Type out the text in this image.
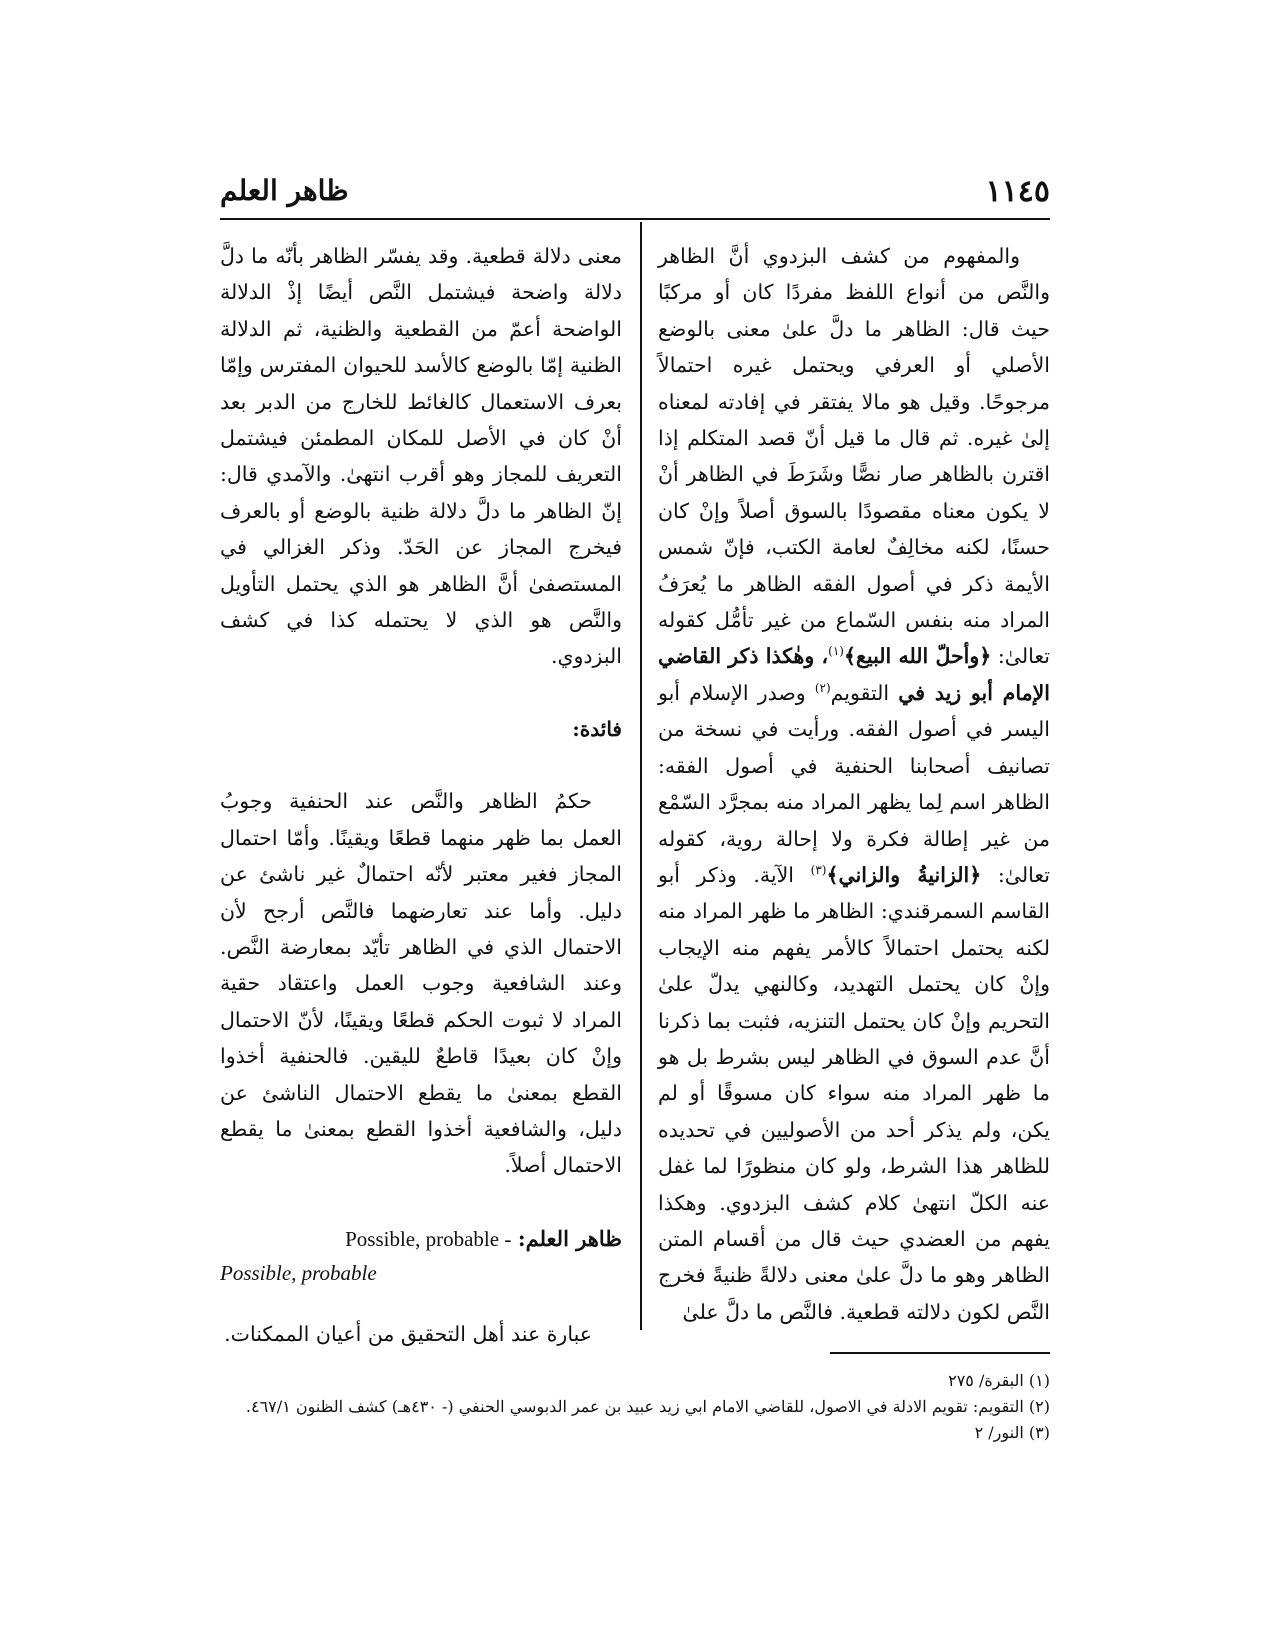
١١٤٥
ظاهر العلم

والمفهوم من كشف البزدوي أنَّ الظاهر والنَّص من أنواع اللفظ مفردًا كان أو مركبًا حيث قال: الظاهر ما دلَّ علىٰ معنى بالوضع الأصلي أو العرفي ويحتمل غيره احتمالاً مرجوحًا. وقيل هو مالا يفتقر في إفادته لمعناه إلىٰ غيره. ثم قال ما قيل أنّ قصد المتكلم إذا اقترن بالظاهر صار نصًّا وشَرَطَ في الظاهر أنْ لا يكون معناه مقصودًا بالسوق أصلاً وإنْ كان حسنًا، لكنه مخالِفٌ لعامة الكتب، فإنّ شمس الأيمة ذكر في أصول الفقه الظاهر ما يُعرَفُ المراد منه بنفس السّماع من غير تأمُّل كقوله تعالىٰ: ﴿وأحلّ الله البيع﴾$^{(١)}$، وهٰكذا ذكر القاضي الإمام أبو زيد في التقويم$^{(٢)}$ وصدر الإسلام أبو اليسر في أصول الفقه. ورأيت في نسخة من تصانيف أصحابنا الحنفية في أصول الفقه: الظاهر اسم لِما يظهر المراد منه بمجرَّد السّمْع من غير إطالة فكرة ولا إحالة روية، كقوله تعالىٰ: ﴿الزانيةُ والزاني﴾$^{(٣)}$ الآية. وذكر أبو القاسم السمرقندي: الظاهر ما ظهر المراد منه لكنه يحتمل احتمالاً كالأمر يفهم منه الإيجاب وإنْ كان يحتمل التهديد، وكالنهي يدلّ علىٰ التحريم وإنْ كان يحتمل التنزيه، فثبت بما ذكرنا أنَّ عدم السوق في الظاهر ليس بشرط بل هو ما ظهر المراد منه سواء كان مسوقًا أو لم يكن، ولم يذكر أحد من الأصوليين في تحديده للظاهر هذا الشرط، ولو كان منظورًا لما غفل عنه الكلّ انتهىٰ كلام كشف البزدوي. وهكذا يفهم من العضدي حيث قال من أقسام المتن الظاهر وهو ما دلَّ علىٰ معنى دلالةً ظنيةً فخرج النَّص لكون دلالته قطعية. فالنَّص ما دلَّ علىٰ

معنى دلالة قطعية. وقد يفسّر الظاهر بأنّه ما دلَّ دلالة واضحة فيشتمل النَّص أيضًا إذْ الدلالة الواضحة أعمّ من القطعية والظنية، ثم الدلالة الظنية إمّا بالوضع كالأسد للحيوان المفترس وإمّا بعرف الاستعمال كالغائط للخارج من الدبر بعد أنْ كان في الأصل للمكان المطمئن فيشتمل التعريف للمجاز وهو أقرب انتهىٰ. والآمدي قال: إنّ الظاهر ما دلَّ دلالة ظنية بالوضع أو بالعرف فيخرج المجاز عن الحَدّ. وذكر الغزالي في المستصفىٰ أنَّ الظاهر هو الذي يحتمل التأويل والنَّص هو الذي لا يحتمله كذا في كشف البزدوي.

فائدة:

حكمُ الظاهر والنَّص عند الحنفية وجوبُ العمل بما ظهر منهما قطعًا ويقينًا. وأمّا احتمال المجاز فغير معتبر لأنّه احتمالٌ غير ناشئ عن دليل. وأما عند تعارضهما فالنَّص أرجح لأن الاحتمال الذي في الظاهر تأيّد بمعارضة النَّص. وعند الشافعية وجوب العمل واعتقاد حقية المراد لا ثبوت الحكم قطعًا ويقينًا، لأنّ الاحتمال وإنْ كان بعيدًا قاطعٌ لليقين. فالحنفية أخذوا القطع بمعنىٰ ما يقطع الاحتمال الناشئ عن دليل، والشافعية أخذوا القطع بمعنىٰ ما يقطع الاحتمال أصلاً.

ظاهر العلم: Possible, probable -
Possible, probable

عبارة عند أهل التحقيق من أعيان الممكنات.

(١) البقرة/ ٢٧٥

(٢) التقويم: تقويم الادلة في الاصول، للقاضي الامام ابي زيد عبيد بن عمر الدبوسي الحنفي (- ٤٣٠هـ) كشف الظنون ٤٦٧/١.

(٣) النور/ ٢
